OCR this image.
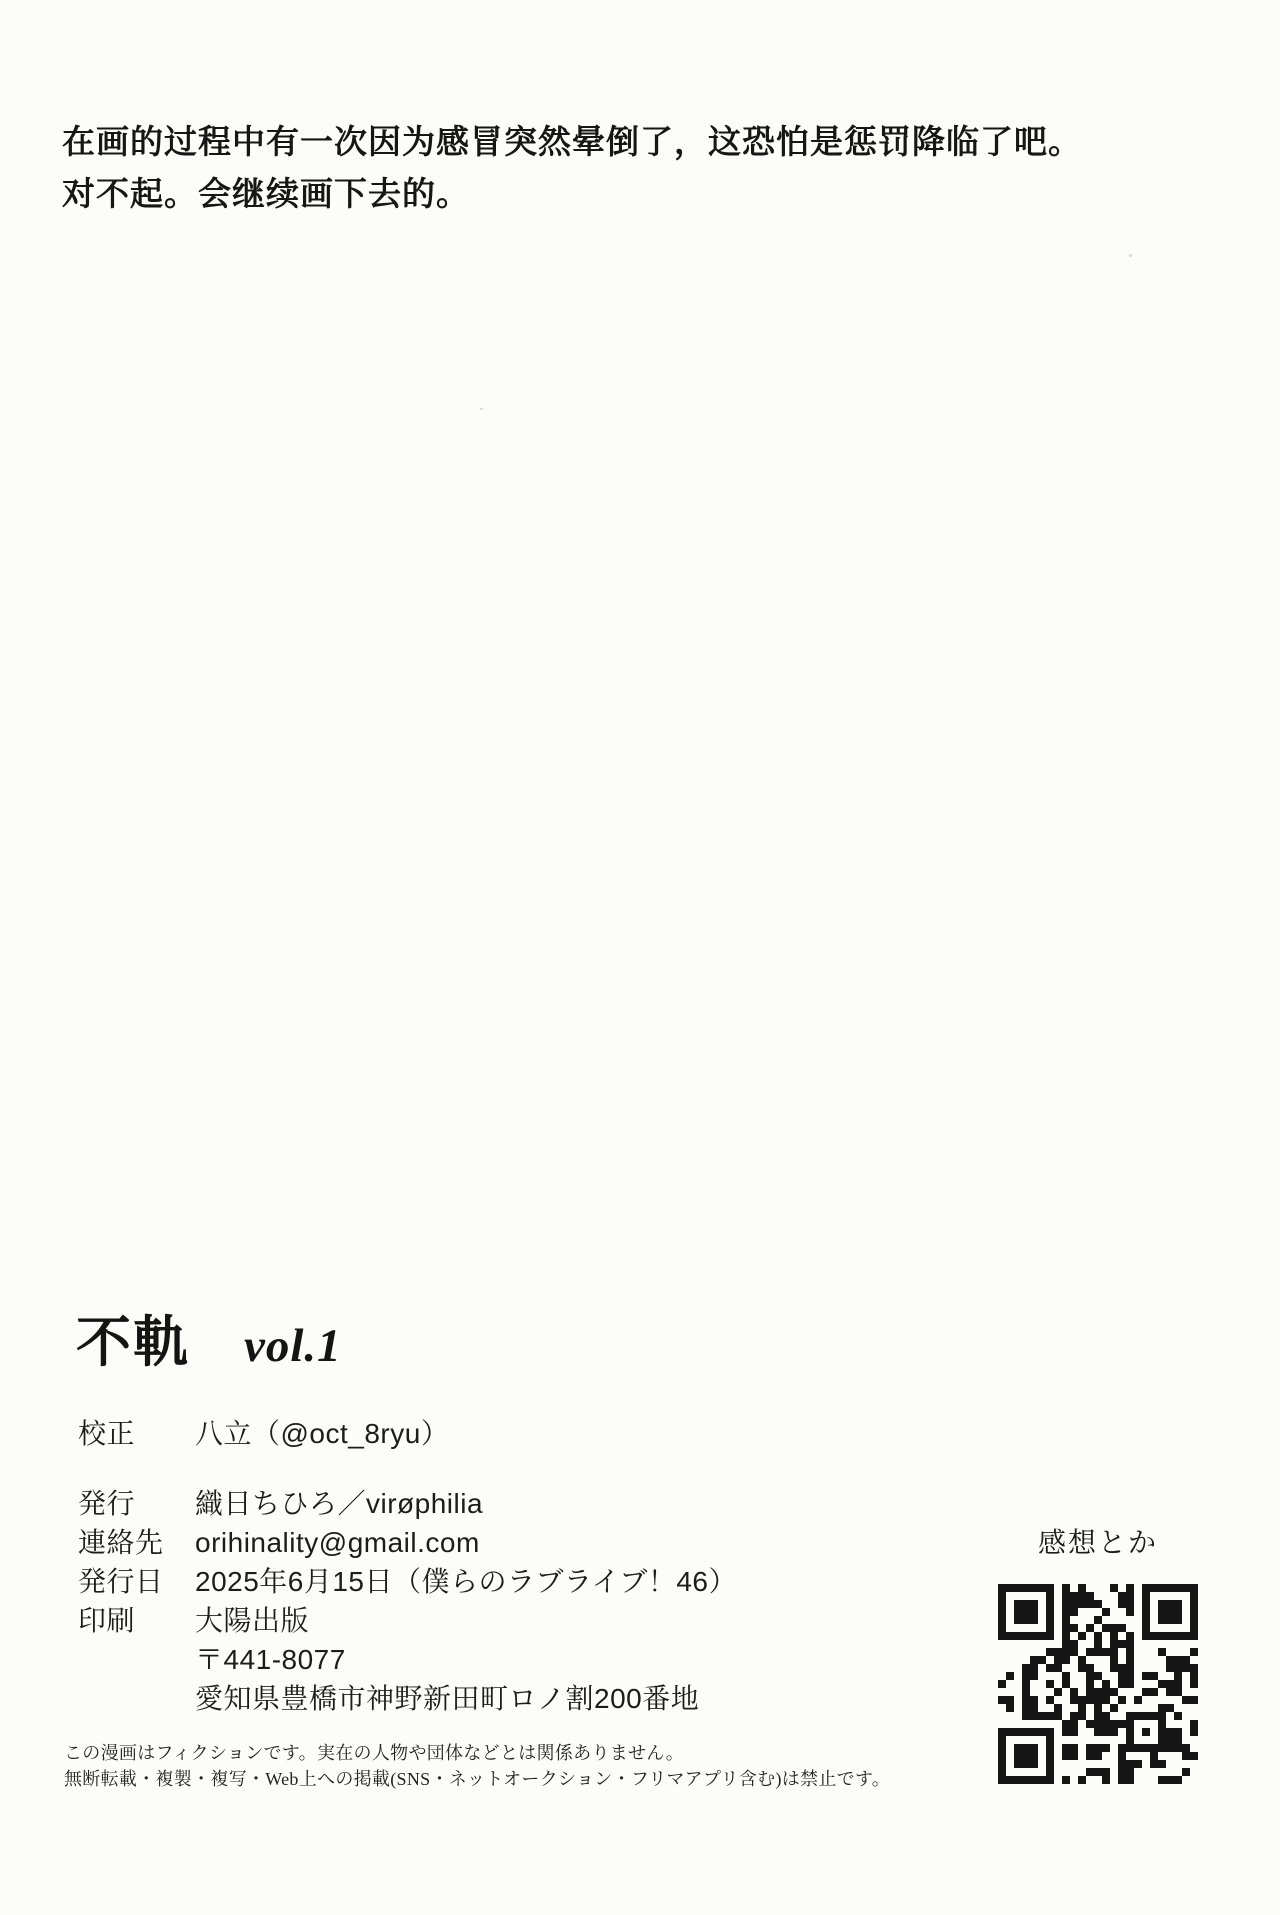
在画的过程中有一次因为感冒突然晕倒了，这恐怕是惩罚降临了吧。

对不起。会继续画下去的。

不軌 vol.1
校正	八立（@oct_8ryu）
発行	織日ちひろ／virøphilia
連絡先	orihinality@gmail.com
発行日	2025年6月15日（僕らのラブライブ！46）
印刷	大陽出版
〒441-8077
愛知県豊橋市神野新田町ロノ割200番地
感想とか

この漫画はフィクションです。実在の人物や団体などとは関係ありません。

無断転載・複製・複写・Web上への掲載(SNS・ネットオークション・フリマアプリ含む)は禁止です。
